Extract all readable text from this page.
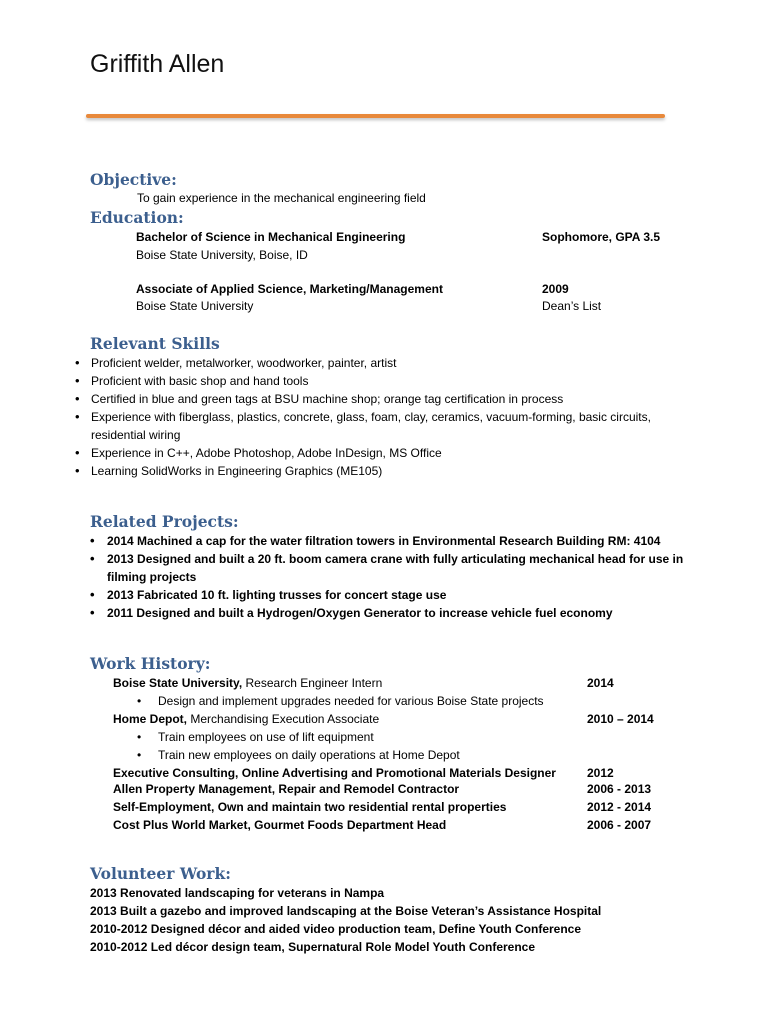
Griffith Allen
Objective:
To gain experience in the mechanical engineering field
Education:
Bachelor of Science in Mechanical Engineering	Sophomore, GPA 3.5
Boise State University, Boise, ID
Associate of Applied Science, Marketing/Management	2009
Boise State University	Dean’s List
Relevant Skills
• Proficient welder, metalworker, woodworker, painter, artist
• Proficient with basic shop and hand tools
• Certified in blue and green tags at BSU machine shop; orange tag certification in process
• Experience with fiberglass, plastics, concrete, glass, foam, clay, ceramics, vacuum-forming, basic circuits, residential wiring
• Experience in C++, Adobe Photoshop, Adobe InDesign, MS Office
• Learning SolidWorks in Engineering Graphics (ME105)
Related Projects:
• 2014 Machined a cap for the water filtration towers in Environmental Research Building RM: 4104
• 2013 Designed and built a 20 ft. boom camera crane with fully articulating mechanical head for use in filming projects
• 2013 Fabricated 10 ft. lighting trusses for concert stage use
• 2011 Designed and built a Hydrogen/Oxygen Generator to increase vehicle fuel economy
Work History:
Boise State University, Research Engineer Intern	2014
• Design and implement upgrades needed for various Boise State projects
Home Depot, Merchandising Execution Associate	2010 – 2014
• Train employees on use of lift equipment
• Train new employees on daily operations at Home Depot
Executive Consulting, Online Advertising and Promotional Materials Designer	2012
Allen Property Management, Repair and Remodel Contractor	2006 - 2013
Self-Employment, Own and maintain two residential rental properties	2012 - 2014
Cost Plus World Market, Gourmet Foods Department Head	2006 - 2007
Volunteer Work:
2013 Renovated landscaping for veterans in Nampa
2013 Built a gazebo and improved landscaping at the Boise Veteran’s Assistance Hospital
2010-2012 Designed décor and aided video production team, Define Youth Conference
2010-2012 Led décor design team, Supernatural Role Model Youth Conference
